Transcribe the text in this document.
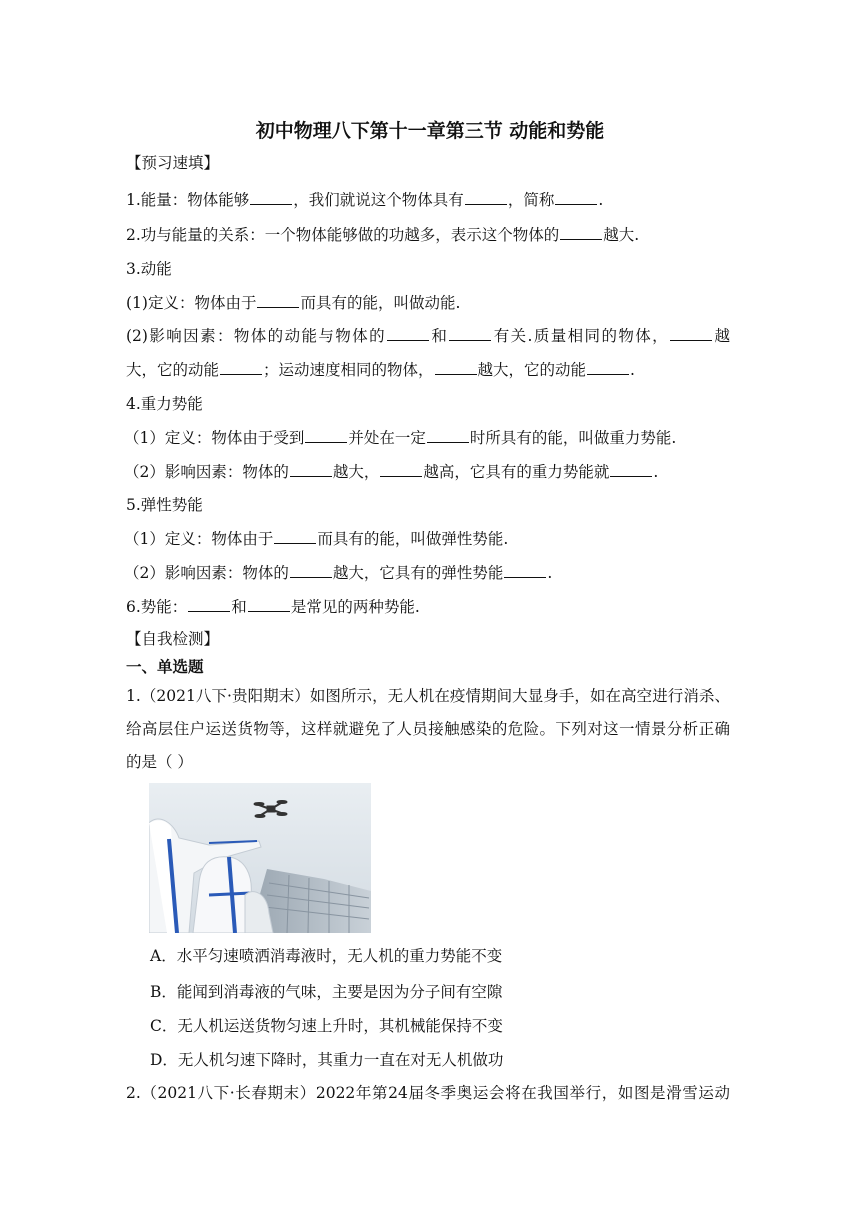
初中物理八下第十一章第三节 动能和势能
【预习速填】
1.能量：物体能够	，我们就说这个物体具有	，简称	.
2.功与能量的关系：一个物体能够做的功越多，表示这个物体的	越大.
3.动能
(1)定义：物体由于	而具有的能，叫做动能.
(2)影响因素：物体的动能与物体的	和	有关.质量相同的物体，	越
大，它的动能	；运动速度相同的物体，	越大，它的动能	.
4.重力势能
（1）定义：物体由于受到	并处在一定	时所具有的能，叫做重力势能.
（2）影响因素：物体的	越大，	越高，它具有的重力势能就	.
5.弹性势能
（1）定义：物体由于	而具有的能，叫做弹性势能.
（2）影响因素：物体的	越大，它具有的弹性势能	.
6.势能：	和	是常见的两种势能.
【自我检测】
一、单选题
1.（2021八下·贵阳期末）如图所示，无人机在疫情期间大显身手，如在高空进行消杀、
给高层住户运送货物等，这样就避免了人员接触感染的危险。下列对这一情景分析正确
的是（ ）
A．水平匀速喷洒消毒液时，无人机的重力势能不变
B．能闻到消毒液的气味，主要是因为分子间有空隙
C．无人机运送货物匀速上升时，其机械能保持不变
D．无人机匀速下降时，其重力一直在对无人机做功
2.（2021八下·长春期末）2022年第24届冬季奥运会将在我国举行，如图是滑雪运动
